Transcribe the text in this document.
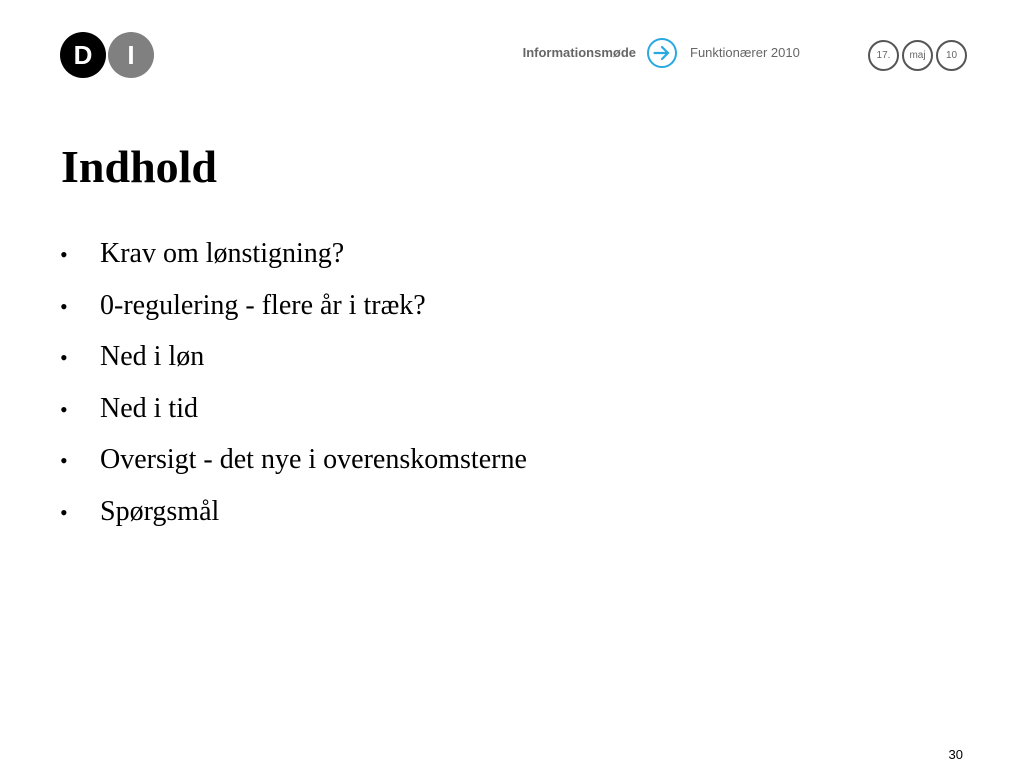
D	I	Informationsmøde	Funktionærer 2010	17.	maj	10
Indhold
• Krav om lønstigning?
• 0-regulering - flere år i træk?
• Ned i løn
• Ned i tid
• Oversigt - det nye i overenskomsterne
• Spørgsmål
30
